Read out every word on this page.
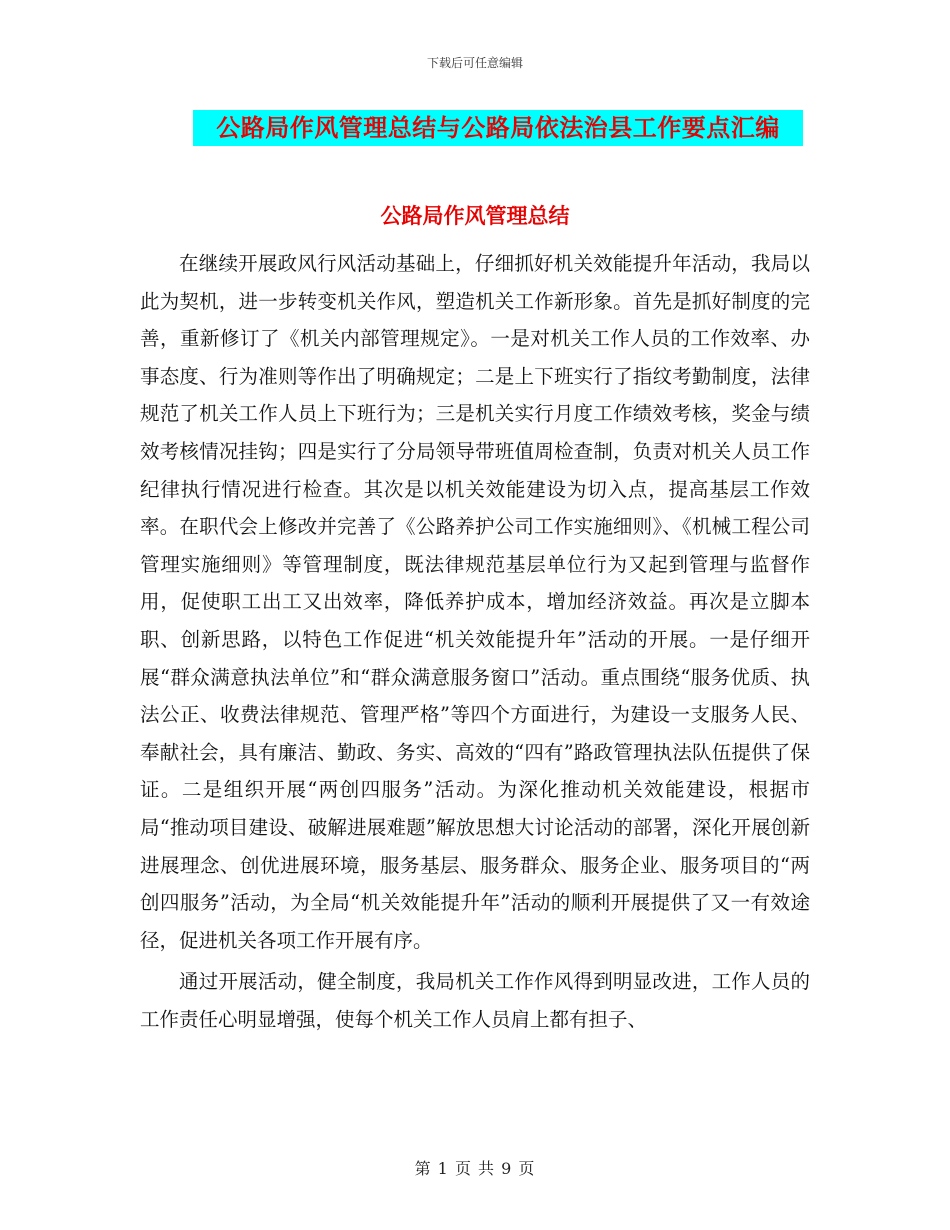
下载后可任意编辑
公路局作风管理总结与公路局依法治县工作要点汇编
公路局作风管理总结

在继续开展政风行风活动基础上，仔细抓好机关效能提升年活动，我局以此为契机，进一步转变机关作风，塑造机关工作新形象。首先是抓好制度的完善，重新修订了《机关内部管理规定》。一是对机关工作人员的工作效率、办事态度、行为准则等作出了明确规定；二是上下班实行了指纹考勤制度，法律规范了机关工作人员上下班行为；三是机关实行月度工作绩效考核，奖金与绩效考核情况挂钩；四是实行了分局领导带班值周检查制，负责对机关人员工作纪律执行情况进行检查。其次是以机关效能建设为切入点，提高基层工作效率。在职代会上修改并完善了《公路养护公司工作实施细则》、《机械工程公司管理实施细则》等管理制度，既法律规范基层单位行为又起到管理与监督作用，促使职工出工又出效率，降低养护成本，增加经济效益。再次是立脚本职、创新思路，以特色工作促进“机关效能提升年”活动的开展。一是仔细开展“群众满意执法单位”和“群众满意服务窗口”活动。重点围绕“服务优质、执法公正、收费法律规范、管理严格”等四个方面进行，为建设一支服务人民、奉献社会，具有廉洁、勤政、务实、高效的“四有”路政管理执法队伍提供了保证。二是组织开展“两创四服务”活动。为深化推动机关效能建设，根据市局“推动项目建设、破解进展难题”解放思想大讨论活动的部署，深化开展创新进展理念、创优进展环境，服务基层、服务群众、服务企业、服务项目的“两创四服务”活动，为全局“机关效能提升年”活动的顺利开展提供了又一有效途径，促进机关各项工作开展有序。

通过开展活动，健全制度，我局机关工作作风得到明显改进，工作人员的工作责任心明显增强，使每个机关工作人员肩上都有担子、

第 1 页 共 9 页
